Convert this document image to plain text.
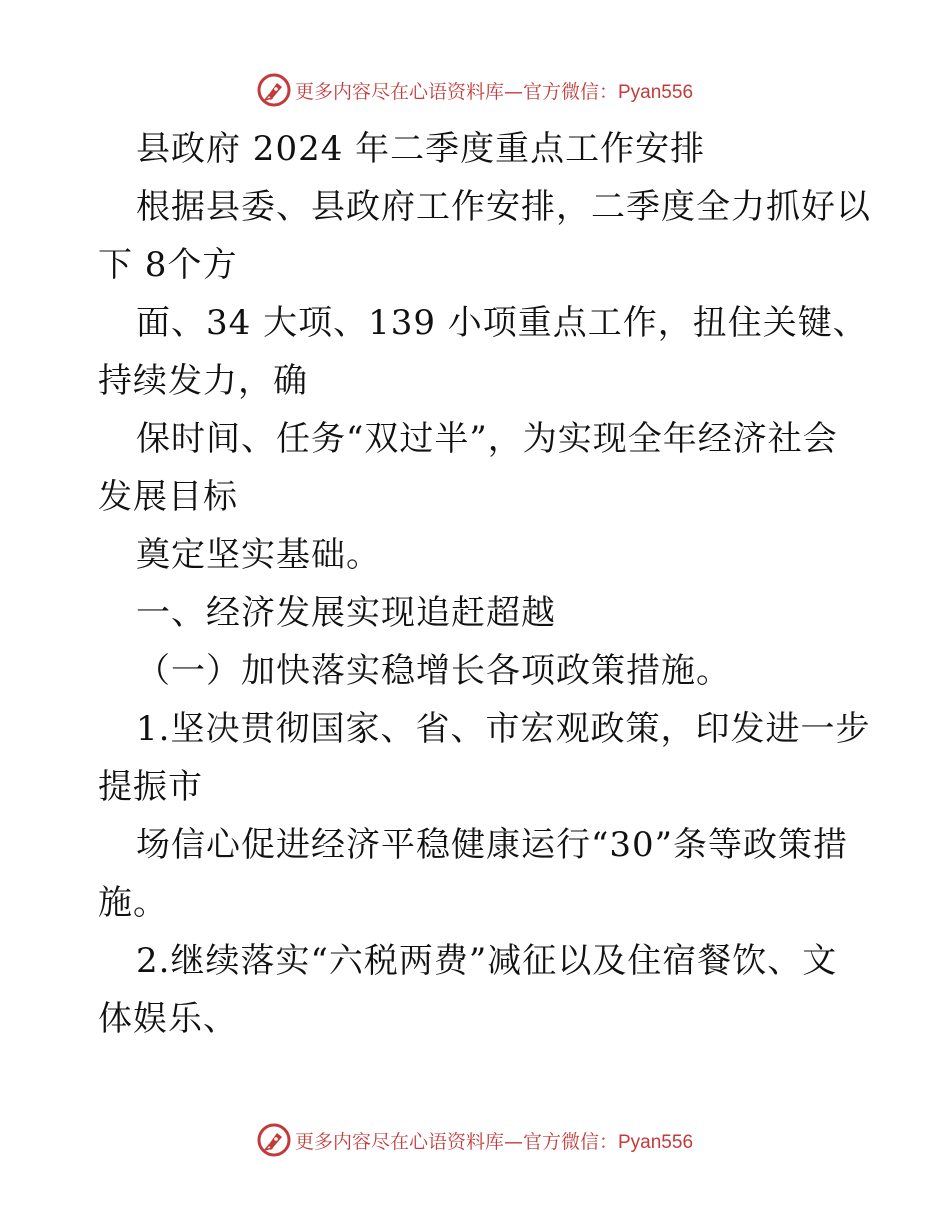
更多内容尽在心语资料库—官方微信：Pyan556
县政府 2024 年二季度重点工作安排
根据县委、县政府工作安排，二季度全力抓好以
下 8个方
面、34 大项、139 小项重点工作，扭住关键、
持续发力，确
保时间、任务“双过半”，为实现全年经济社会
发展目标
奠定坚实基础。
一、经济发展实现追赶超越
（一）加快落实稳增长各项政策措施。
1.坚决贯彻国家、省、市宏观政策，印发进一步
提振市
场信心促进经济平稳健康运行“30”条等政策措
施。
2.继续落实“六税两费”减征以及住宿餐饮、文
体娱乐、
更多内容尽在心语资料库—官方微信：Pyan556
